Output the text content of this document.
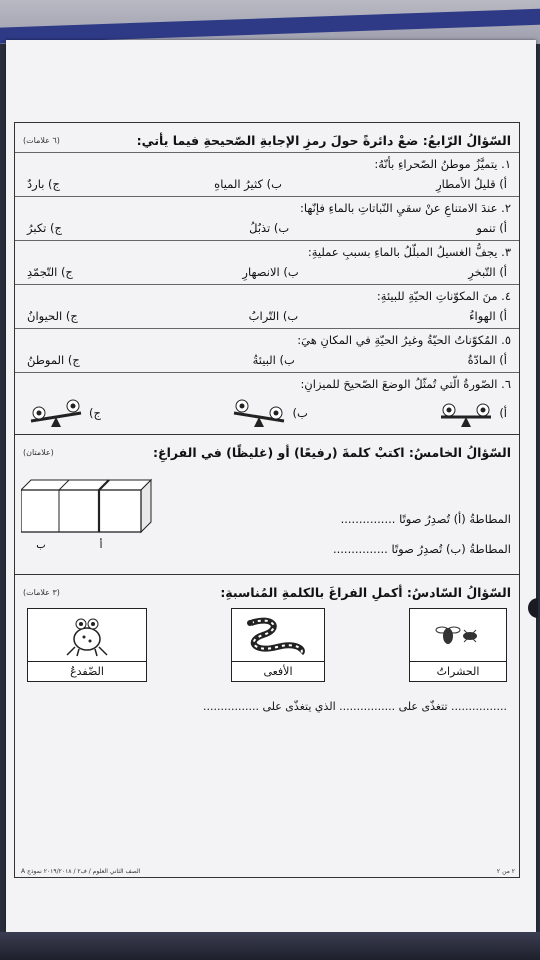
السّؤالُ الرّابعُ: ضعْ دائرةً حولَ رمزِ الإجابةِ الصّحيحةِ فيما يأتي:
(٦ علامات)
١. يتميَّزُ موطنُ الصّحراءِ بأنّهُ:
أ) قليلُ الأمطارِ
ب) كثيرُ المياهِ
ج) باردٌ
٢. عندَ الامتناعِ عنْ سقيِ النّباتاتِ بالماءِ فإنّها:
أ) تنمو
ب) تذبُلُ
ج) تكبرُ
٣. يجفُّ الغسيلُ المبلّلُ بالماءِ بسببِ عمليةِ:
أ) التّبخرِ
ب) الانصهارِ
ج) التّجمّدِ
٤. منَ المكوّناتِ الحيّةِ للبيئةِ:
أ) الهواءُ
ب) التّرابُ
ج) الحيوانُ
٥. المُكوّناتُ الحيّةُ وغيرُ الحيّةِ في المكانِ هيَ:
أ) المادّةُ
ب) البيئةُ
ج) الموطنُ
٦. الصّورةُ الّتي تُمثّلُ الوضعَ الصّحيحَ للميزانِ:
أ)
ب)
ج)
السّؤالُ الخامسُ: اكتبْ كلمةَ (رفيعًا) أو (غليظًا) في الفراغِ:
(علامتان)
ب	أ
المطاطةُ (أ) تُصدِرُ صوتًا ...............
المطاطةُ (ب) تُصدِرُ صوتًا ...............
السّؤالُ السّادسُ: أكملِ الفراغَ بالكلمةِ المُناسبةِ:
(٣ علامات)
الحشراتُ
الأفعى
الضّفدعُ
................ تتغذّى على ................ الذي يتغذّى على ................
٢ من ٢
الصف الثاني العلوم / ف٢ / ٢٠١٩/٢٠١٨ نموذج A
